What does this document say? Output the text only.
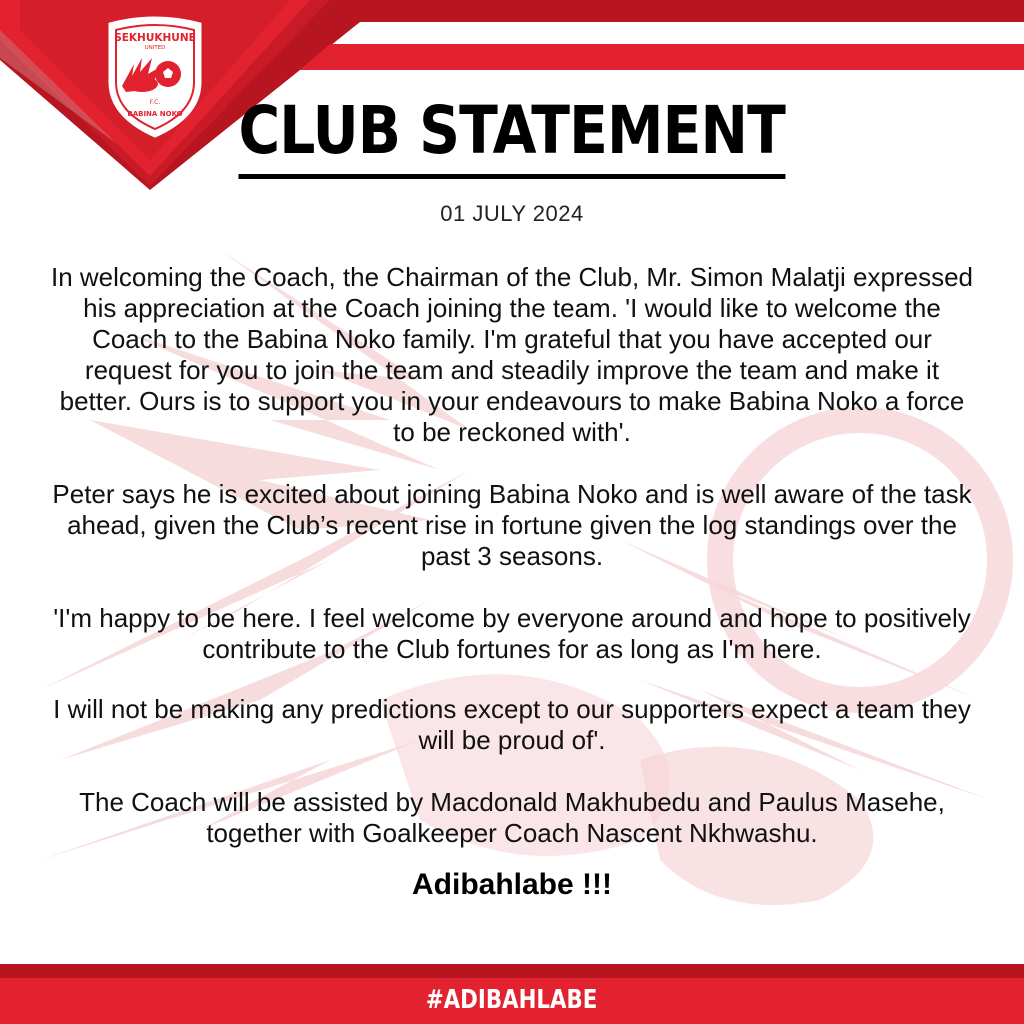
SEKHUKHUNE
UNITED
F.C.
BABINA NOKO CLUB STATEMENT
01 JULY 2024

In welcoming the Coach, the Chairman of the Club, Mr. Simon Malatji expressed his appreciation at the Coach joining the team. 'I would like to welcome the Coach to the Babina Noko family. I'm grateful that you have accepted our request for you to join the team and steadily improve the team and make it better. Ours is to support you in your endeavours to make Babina Noko a force to be reckoned with'.

Peter says he is excited about joining Babina Noko and is well aware of the task ahead, given the Club’s recent rise in fortune given the log standings over the past 3 seasons.

'I'm happy to be here. I feel welcome by everyone around and hope to positively contribute to the Club fortunes for as long as I'm here.

I will not be making any predictions except to our supporters expect a team they will be proud of'.

The Coach will be assisted by Macdonald Makhubedu and Paulus Masehe, together with Goalkeeper Coach Nascent Nkhwashu.

Adibahlabe !!!
#ADIBAHLABE
